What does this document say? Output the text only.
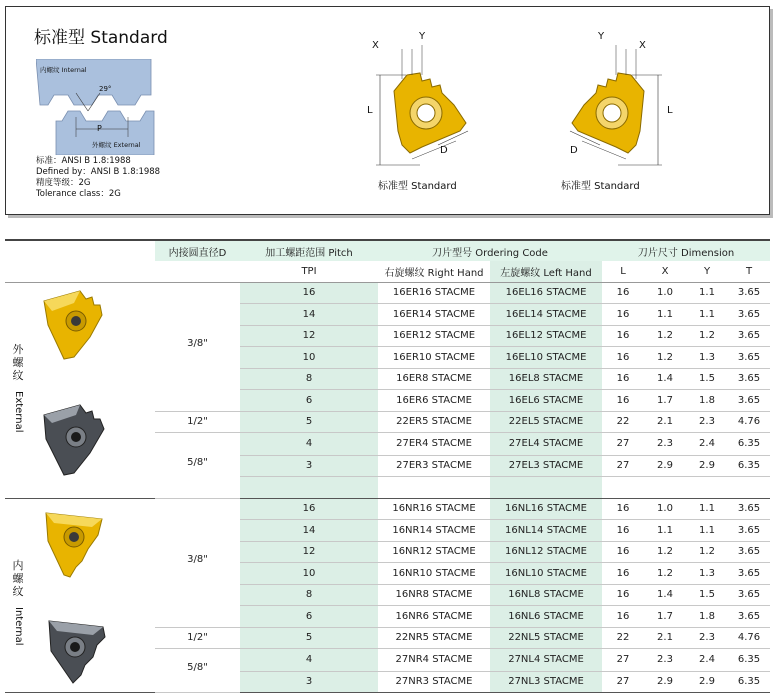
标准型 Standard
内螺纹 Internal
29°
P
外螺纹 External
标准：ANSI B 1.8:1988
Defined by：ANSI B 1.8:1988
精度等级：2G
Tolerance class：2G
X
Y
L
D
标准型 Standard
X
Y
L
D
标准型 Standard
	内接圆直径D	加工螺距范围 Pitch	刀片型号 Ordering Code		刀片尺寸 Dimension			
		TPI	右旋螺纹 Right Hand	左旋螺纹 Left Hand	L	X	Y	T

外
螺
纹
External	3/8"	16	16ER16 STACME	16EL16 STACME	16	1.0	1.1	3.65
		14	16ER14 STACME	16EL14 STACME	16	1.1	1.1	3.65
		12	16ER12 STACME	16EL12 STACME	16	1.2	1.2	3.65
		10	16ER10 STACME	16EL10 STACME	16	1.2	1.3	3.65
		8	16ER8 STACME	16EL8 STACME	16	1.4	1.5	3.65
		6	16ER6 STACME	16EL6 STACME	16	1.7	1.8	3.65
	1/2"	5	22ER5 STACME	22EL5 STACME	22	2.1	2.3	4.76
	5/8"	4	27ER4 STACME	27EL4 STACME	27	2.3	2.4	6.35
		3	27ER3 STACME	27EL3 STACME	27	2.9	2.9	6.35

内
螺
纹
Internal	3/8"	16	16NR16 STACME	16NL16 STACME	16	1.0	1.1	3.65
		14	16NR14 STACME	16NL14 STACME	16	1.1	1.1	3.65
		12	16NR12 STACME	16NL12 STACME	16	1.2	1.2	3.65
		10	16NR10 STACME	16NL10 STACME	16	1.2	1.3	3.65
		8	16NR8 STACME	16NL8 STACME	16	1.4	1.5	3.65
		6	16NR6 STACME	16NL6 STACME	16	1.7	1.8	3.65
	1/2"	5	22NR5 STACME	22NL5 STACME	22	2.1	2.3	4.76
	5/8"	4	27NR4 STACME	27NL4 STACME	27	2.3	2.4	6.35
		3	27NR3 STACME	27NL3 STACME	27	2.9	2.9	6.35
